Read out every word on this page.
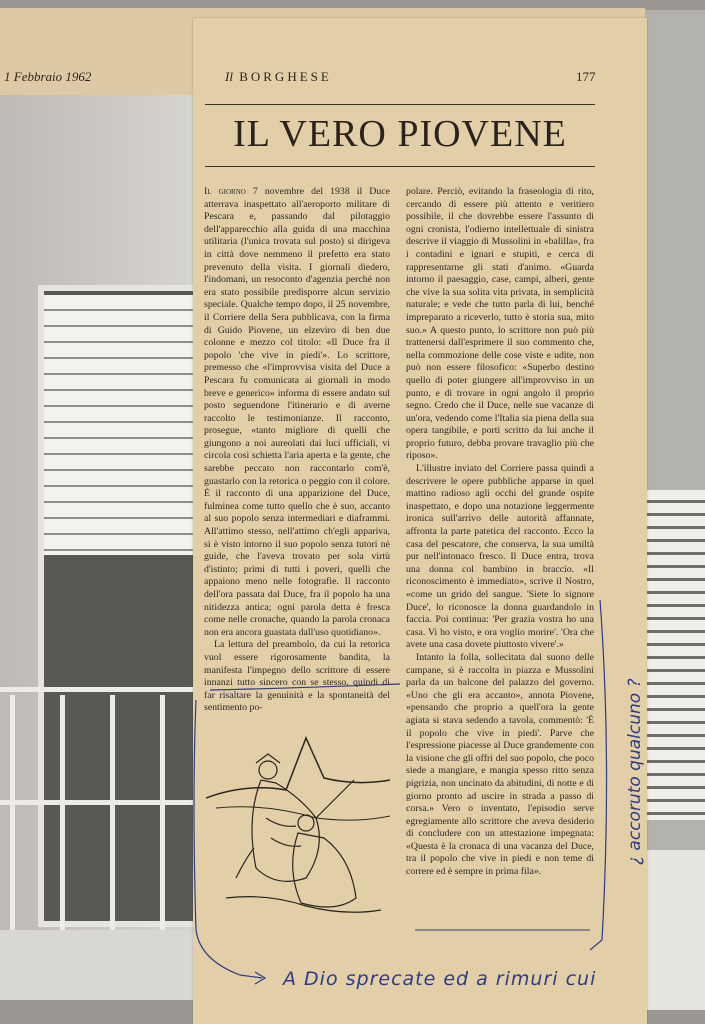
1 Febbraio 1962	Il BORGHESE	177
IL VERO PIOVENE

Il giorno 7 novembre del 1938 il Duce atterrava inaspettato all'aeroporto militare di Pescara e, passando dal pilotaggio dell'apparecchio alla guida di una macchina utilitaria (l'unica trovata sul posto) si dirigeva in città dove nemmeno il prefetto era stato prevenuto della visita. I giornali diedero, l'indomani, un resoconto d'agenzia perché non era stato possibile predisporre alcun servizio speciale. Qualche tempo dopo, il 25 novembre, il Corriere della Sera pubblicava, con la firma di Guido Piovene, un elzeviro di ben due colonne e mezzo col titolo: «Il Duce fra il popolo 'che vive in piedi'». Lo scrittore, premesso che «l'improvvisa visita del Duce a Pescara fu comunicata ai giornali in modo breve e generico» informa di essere andato sul posto seguendone l'itinerario e di averne raccolto le testimonianze. Il racconto, prosegue, «tanto migliore di quelli che giungono a noi aureolati dai luci ufficiali, vi circola così schietta l'aria aperta e la gente, che sarebbe peccato non raccontarlo com'è, guastarlo con la retorica o peggio con il colore. È il racconto di una apparizione del Duce, fulminea come tutto quello che è suo, accanto al suo popolo senza intermediari e diaframmi. All'attimo stesso, nell'attimo ch'egli appariva, si è visto intorno il suo popolo senza tutori nè guide, che l'aveva trovato per sola virtù d'istinto; primi di tutti i poveri, quelli che appaiono meno nelle fotografie. Il racconto dell'ora passata dal Duce, fra il popolo ha una nitidezza antica; ogni parola detta è fresca come nelle cronache, quando la parola cronaca non era ancora guastata dall'uso quotidiano».

La lettura del preambolo, da cui la retorica vuol essere rigorosamente bandita, la manifesta l'impegno dello scrittore di essere innanzi tutto sincero con se stesso, quindi di far risaltare la genuinità e la spontaneità del sentimento po-

polare. Perciò, evitando la fraseologia di rito, cercando di essere più attento e veritiero possibile, il che dovrebbe essere l'assunto di ogni cronista, l'odierno intellettuale di sinistra descrive il viaggio di Mussolini in «balilla», fra i contadini e ignari e stupiti, e cerca di rappresentarne gli stati d'animo. «Guarda intorno il paesaggio, case, campi, alberi, gente che vive la sua solita vita privata, in semplicità naturale; e vede che tutto parla di lui, benché impreparato a riceverlo, tutto è storia sua, mito suo.» A questo punto, lo scrittore non può più trattenersi dall'esprimere il suo commento che, nella commozione delle cose viste e udite, non può non essere filosofico: «Superbo destino quello di poter giungere all'improvviso in un punto, e di trovare in ogni angolo il proprio segno. Credo che il Duce, nelle sue vacanze di un'ora, vedendo come l'Italia sia piena della sua opera tangibile, e porti scritto da lui anche il proprio futuro, debba provare travaglio più che riposo».

L'illustre inviato del Corriere passa quindi a descrivere le opere pubbliche apparse in quel mattino radioso agli occhi del grande ospite inaspettato, e dopo una notazione leggermente ironica sull'arrivo delle autorità affannate, affronta la parte patetica del racconto. Ecco la casa del pescatore, che conserva, la sua umiltà pur nell'intonaco fresco. Il Duce entra, trova una donna col bambino in braccio. «Il riconoscimento è immediato», scrive il Nostro, «come un grido del sangue. 'Siete lo signore Duce', lo riconosce la donna guardandolo in faccia. Poi continua: 'Per grazia vostra ho una casa. Vi ho visto, e ora voglio morire'. 'Ora che avete una casa dovete piuttosto vivere'.»

Intanto la folla, sollecitata dal suono delle campane, si è raccolta in piazza e Mussolini parla da un balcone del palazzo del governo. «Uno che gli era accanto», annota Piovene, «pensando che proprio a quell'ora la gente agiata si stava sedendo a tavola, commentò: 'È il popolo che vive in piedi'. Parve che l'espressione piacesse al Duce grandemente con la visione che gli offrì del suo popolo, che poco siede a mangiare, e mangia spesso ritto senza pigrizia, non uncinato da abitudini, di notte e di giorno pronto ad uscire in strada a passo di corsa.» Vero o inventato, l'episodio serve egregiamente allo scrittore che aveva desiderio di concludere con un attestazione impegnata: «Questa è la cronaca di una vacanza del Duce, tra il popolo che vive in piedi e non teme di correre ed è sempre in prima fila».

A Dio sprecate ed a rimuri cui
¿ accoruto qualcuno ?
